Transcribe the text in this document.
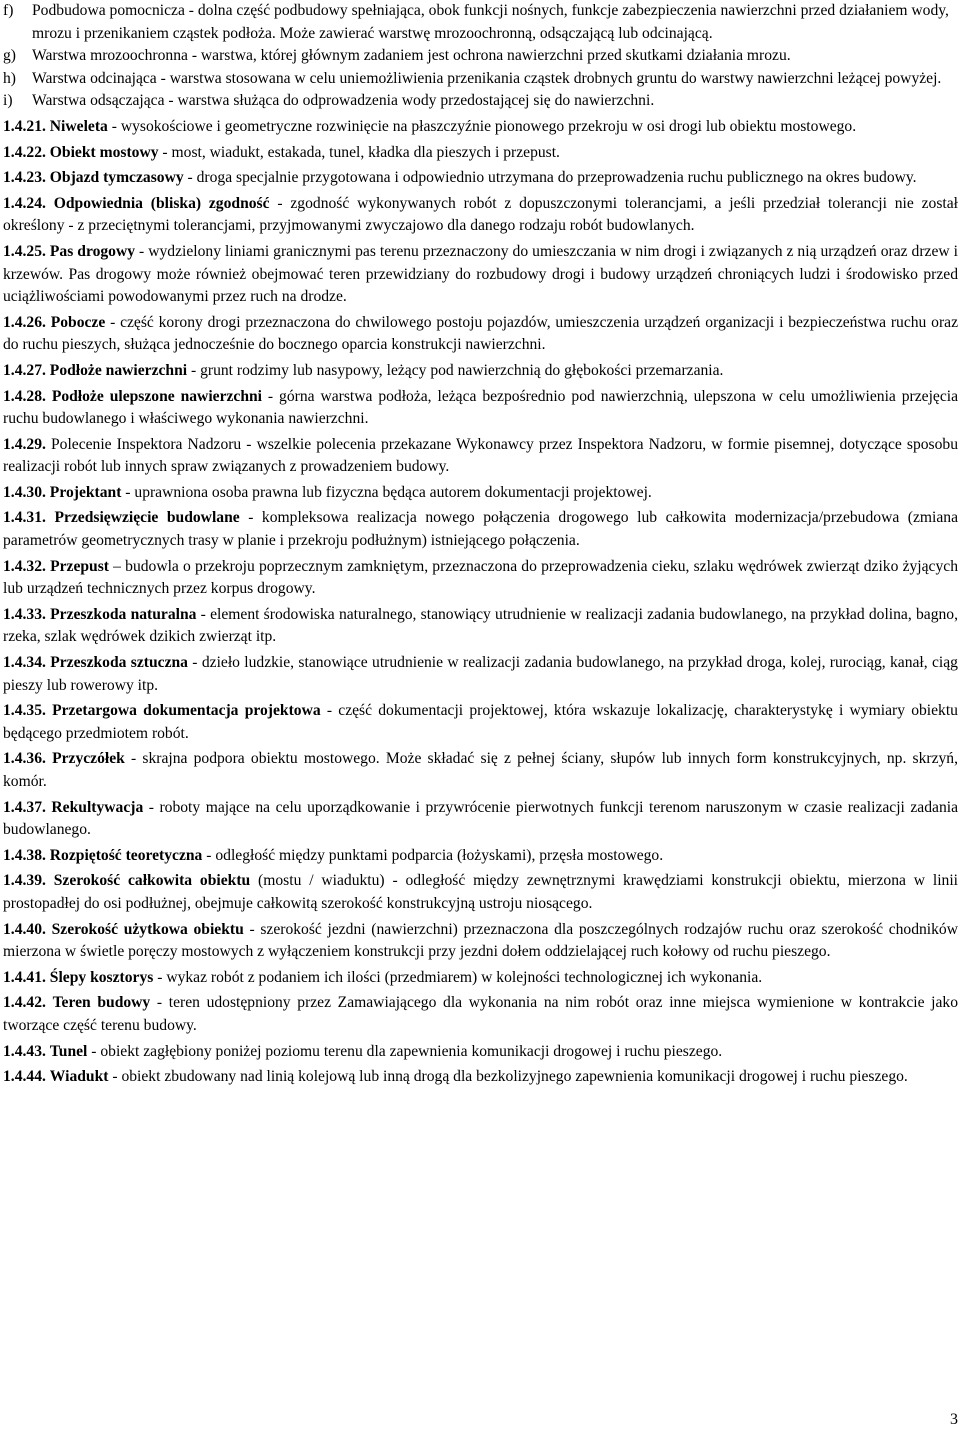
f) Podbudowa pomocnicza - dolna część podbudowy spełniająca, obok funkcji nośnych, funkcje zabezpieczenia nawierzchni przed działaniem wody, mrozu i przenikaniem cząstek podłoża. Może zawierać warstwę mrozoochronną, odsączającą lub odcinającą.
g) Warstwa mrozoochronna - warstwa, której głównym zadaniem jest ochrona nawierzchni przed skutkami działania mrozu.
h) Warstwa odcinająca - warstwa stosowana w celu uniemożliwienia przenikania cząstek drobnych gruntu do warstwy nawierzchni leżącej powyżej.
i) Warstwa odsączająca - warstwa służąca do odprowadzenia wody przedostającej się do nawierzchni.
1.4.21. Niweleta - wysokościowe i geometryczne rozwinięcie na płaszczyźnie pionowego przekroju w osi drogi lub obiektu mostowego.
1.4.22. Obiekt mostowy - most, wiadukt, estakada, tunel, kładka dla pieszych i przepust.
1.4.23. Objazd tymczasowy - droga specjalnie przygotowana i odpowiednio utrzymana do przeprowadzenia ruchu publicznego na okres budowy.
1.4.24. Odpowiednia (bliska) zgodność - zgodność wykonywanych robót z dopuszczonymi tolerancjami, a jeśli przedział tolerancji nie został określony - z przeciętnymi tolerancjami, przyjmowanymi zwyczajowo dla danego rodzaju robót budowlanych.
1.4.25. Pas drogowy - wydzielony liniami granicznymi pas terenu przeznaczony do umieszczania w nim drogi i związanych z nią urządzeń oraz drzew i krzewów. Pas drogowy może również obejmować teren przewidziany do rozbudowy drogi i budowy urządzeń chroniących ludzi i środowisko przed uciążliwościami powodowanymi przez ruch na drodze.
1.4.26. Pobocze - część korony drogi przeznaczona do chwilowego postoju pojazdów, umieszczenia urządzeń organizacji i bezpieczeństwa ruchu oraz do ruchu pieszych, służąca jednocześnie do bocznego oparcia konstrukcji nawierzchni.
1.4.27. Podłoże nawierzchni - grunt rodzimy lub nasypowy, leżący pod nawierzchnią do głębokości przemarzania.
1.4.28. Podłoże ulepszone nawierzchni - górna warstwa podłoża, leżąca bezpośrednio pod nawierzchnią, ulepszona w celu umożliwienia przejęcia ruchu budowlanego i właściwego wykonania nawierzchni.
1.4.29. Polecenie Inspektora Nadzoru - wszelkie polecenia przekazane Wykonawcy przez Inspektora Nadzoru, w formie pisemnej, dotyczące sposobu realizacji robót lub innych spraw związanych z prowadzeniem budowy.
1.4.30. Projektant - uprawniona osoba prawna lub fizyczna będąca autorem dokumentacji projektowej.
1.4.31. Przedsięwzięcie budowlane - kompleksowa realizacja nowego połączenia drogowego lub całkowita modernizacja/przebudowa (zmiana parametrów geometrycznych trasy w planie i przekroju podłużnym) istniejącego połączenia.
1.4.32. Przepust – budowla o przekroju poprzecznym zamkniętym, przeznaczona do przeprowadzenia cieku, szlaku wędrówek zwierząt dziko żyjących lub urządzeń technicznych przez korpus drogowy.
1.4.33. Przeszkoda naturalna - element środowiska naturalnego, stanowiący utrudnienie w realizacji zadania budowlanego, na przykład dolina, bagno, rzeka, szlak wędrówek dzikich zwierząt itp.
1.4.34. Przeszkoda sztuczna - dzieło ludzkie, stanowiące utrudnienie w realizacji zadania budowlanego, na przykład droga, kolej, rurociąg, kanał, ciąg pieszy lub rowerowy itp.
1.4.35. Przetargowa dokumentacja projektowa - część dokumentacji projektowej, która wskazuje lokalizację, charakterystykę i wymiary obiektu będącego przedmiotem robót.
1.4.36. Przyczółek - skrajna podpora obiektu mostowego. Może składać się z pełnej ściany, słupów lub innych form konstrukcyjnych, np. skrzyń, komór.
1.4.37. Rekultywacja - roboty mające na celu uporządkowanie i przywrócenie pierwotnych funkcji terenom naruszonym w czasie realizacji zadania budowlanego.
1.4.38. Rozpiętość teoretyczna - odległość między punktami podparcia (łożyskami), przęsła mostowego.
1.4.39. Szerokość całkowita obiektu (mostu / wiaduktu) - odległość między zewnętrznymi krawędziami konstrukcji obiektu, mierzona w linii prostopadłej do osi podłużnej, obejmuje całkowitą szerokość konstrukcyjną ustroju niosącego.
1.4.40. Szerokość użytkowa obiektu - szerokość jezdni (nawierzchni) przeznaczona dla poszczególnych rodzajów ruchu oraz szerokość chodników mierzona w świetle poręczy mostowych z wyłączeniem konstrukcji przy jezdni dołem oddzielającej ruch kołowy od ruchu pieszego.
1.4.41. Ślepy kosztorys - wykaz robót z podaniem ich ilości (przedmiarem) w kolejności technologicznej ich wykonania.
1.4.42. Teren budowy - teren udostępniony przez Zamawiającego dla wykonania na nim robót oraz inne miejsca wymienione w kontrakcie jako tworzące część terenu budowy.
1.4.43. Tunel - obiekt zagłębiony poniżej poziomu terenu dla zapewnienia komunikacji drogowej i ruchu pieszego.
1.4.44. Wiadukt - obiekt zbudowany nad linią kolejową lub inną drogą dla bezkolizyjnego zapewnienia komunikacji drogowej i ruchu pieszego.
3
